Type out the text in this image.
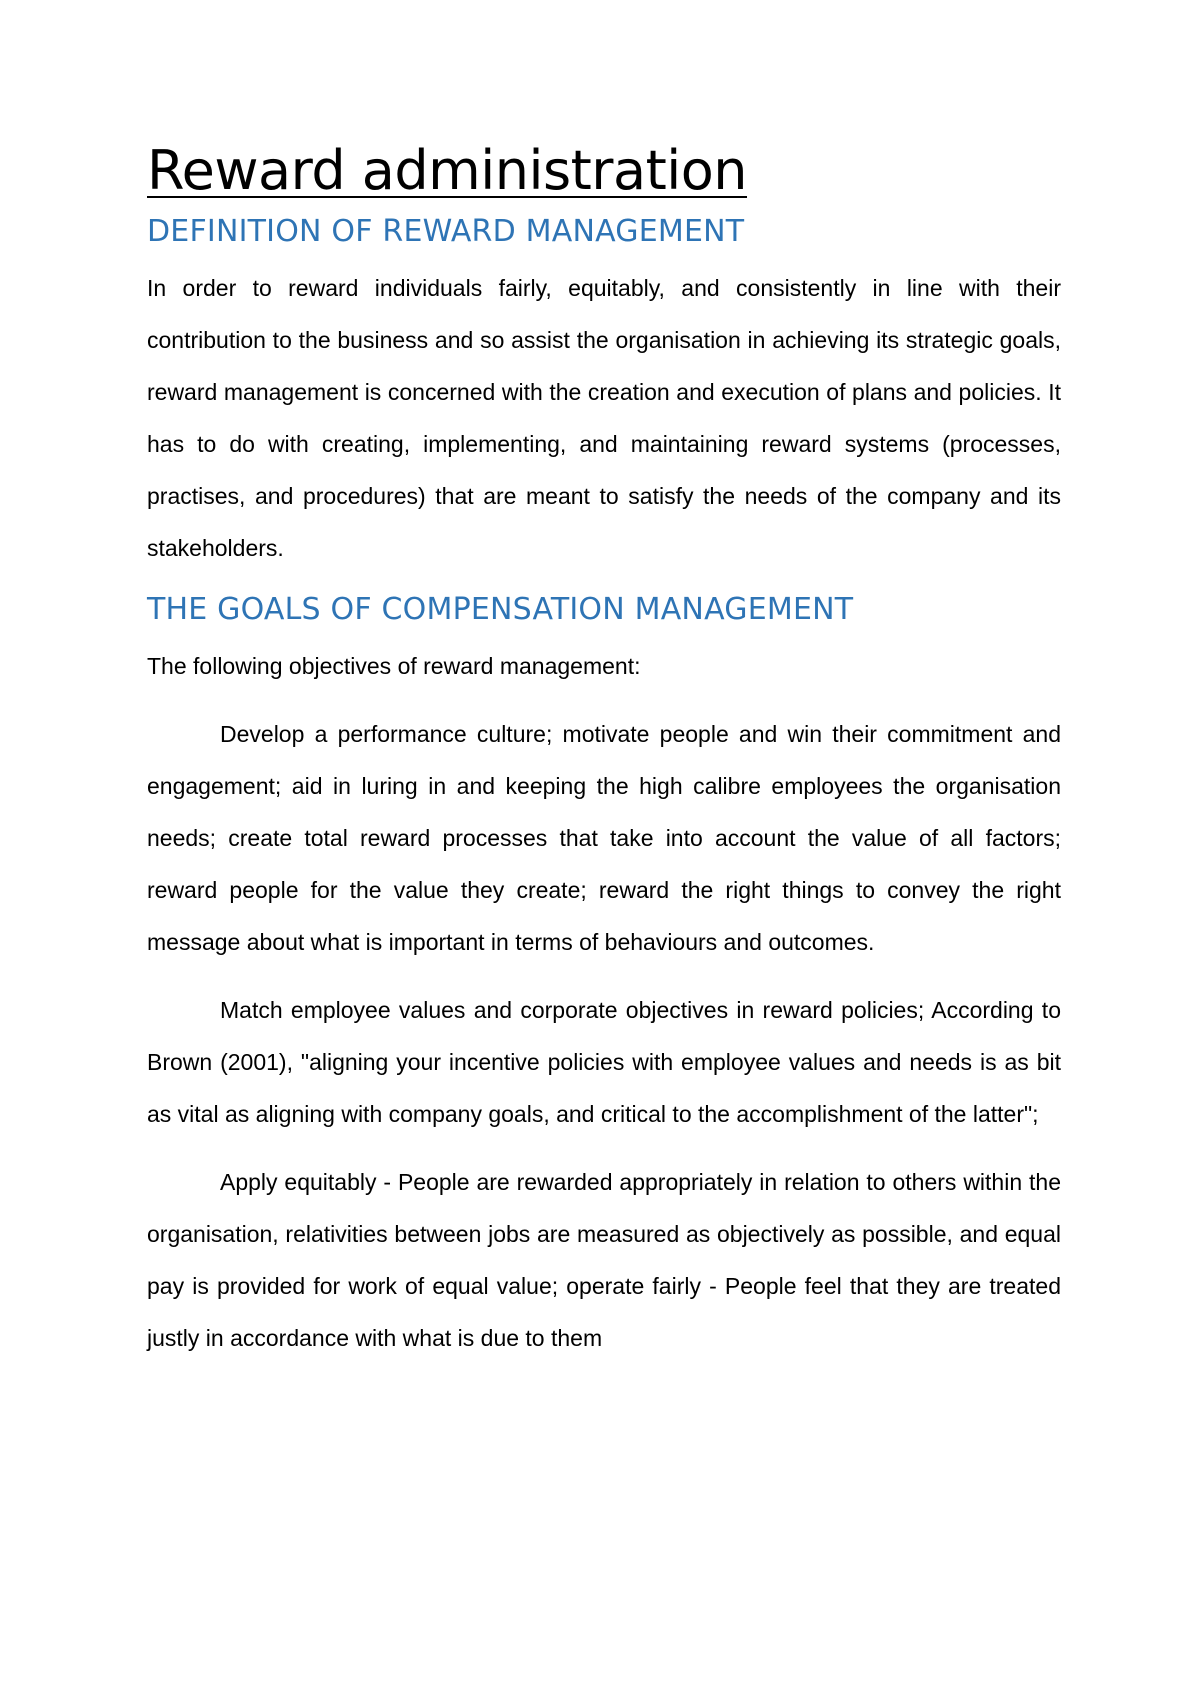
Reward administration
DEFINITION OF REWARD MANAGEMENT

In order to reward individuals fairly, equitably, and consistently in line with their contribution to the business and so assist the organisation in achieving its strategic goals, reward management is concerned with the creation and execution of plans and policies. It has to do with creating, implementing, and maintaining reward systems (processes, practises, and procedures) that are meant to satisfy the needs of the company and its stakeholders.

THE GOALS OF COMPENSATION MANAGEMENT

The following objectives of reward management:

Develop a performance culture; motivate people and win their commitment and engagement; aid in luring in and keeping the high calibre employees the organisation needs; create total reward processes that take into account the value of all factors; reward people for the value they create; reward the right things to convey the right message about what is important in terms of behaviours and outcomes.

Match employee values and corporate objectives in reward policies; According to Brown (2001), "aligning your incentive policies with employee values and needs is as bit as vital as aligning with company goals, and critical to the accomplishment of the latter";

Apply equitably - People are rewarded appropriately in relation to others within the organisation, relativities between jobs are measured as objectively as possible, and equal pay is provided for work of equal value; operate fairly - People feel that they are treated justly in accordance with what is due to them
